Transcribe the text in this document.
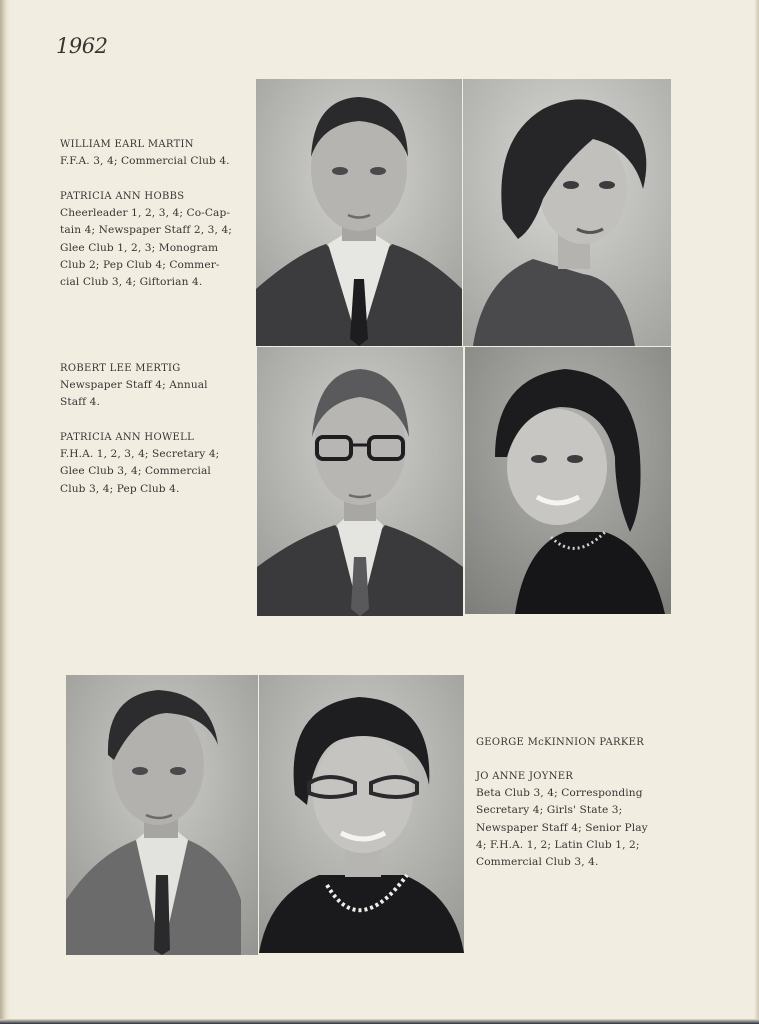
1962
WILLIAM EARL MARTIN
F.F.A. 3, 4; Commercial Club 4.
PATRICIA ANN HOBBS
Cheerleader 1, 2, 3, 4; Co-Cap-
tain 4; Newspaper Staff 2, 3, 4;
Glee Club 1, 2, 3; Monogram
Club 2; Pep Club 4; Commer-
cial Club 3, 4; Giftorian 4.
ROBERT LEE MERTIG
Newspaper Staff 4; Annual
Staff 4.
PATRICIA ANN HOWELL
F.H.A. 1, 2, 3, 4; Secretary 4;
Glee Club 3, 4; Commercial
Club 3, 4; Pep Club 4.
GEORGE McKINNION PARKER
JO ANNE JOYNER
Beta Club 3, 4; Corresponding
Secretary 4; Girls' State 3;
Newspaper Staff 4; Senior Play
4; F.H.A. 1, 2; Latin Club 1, 2;
Commercial Club 3, 4.
